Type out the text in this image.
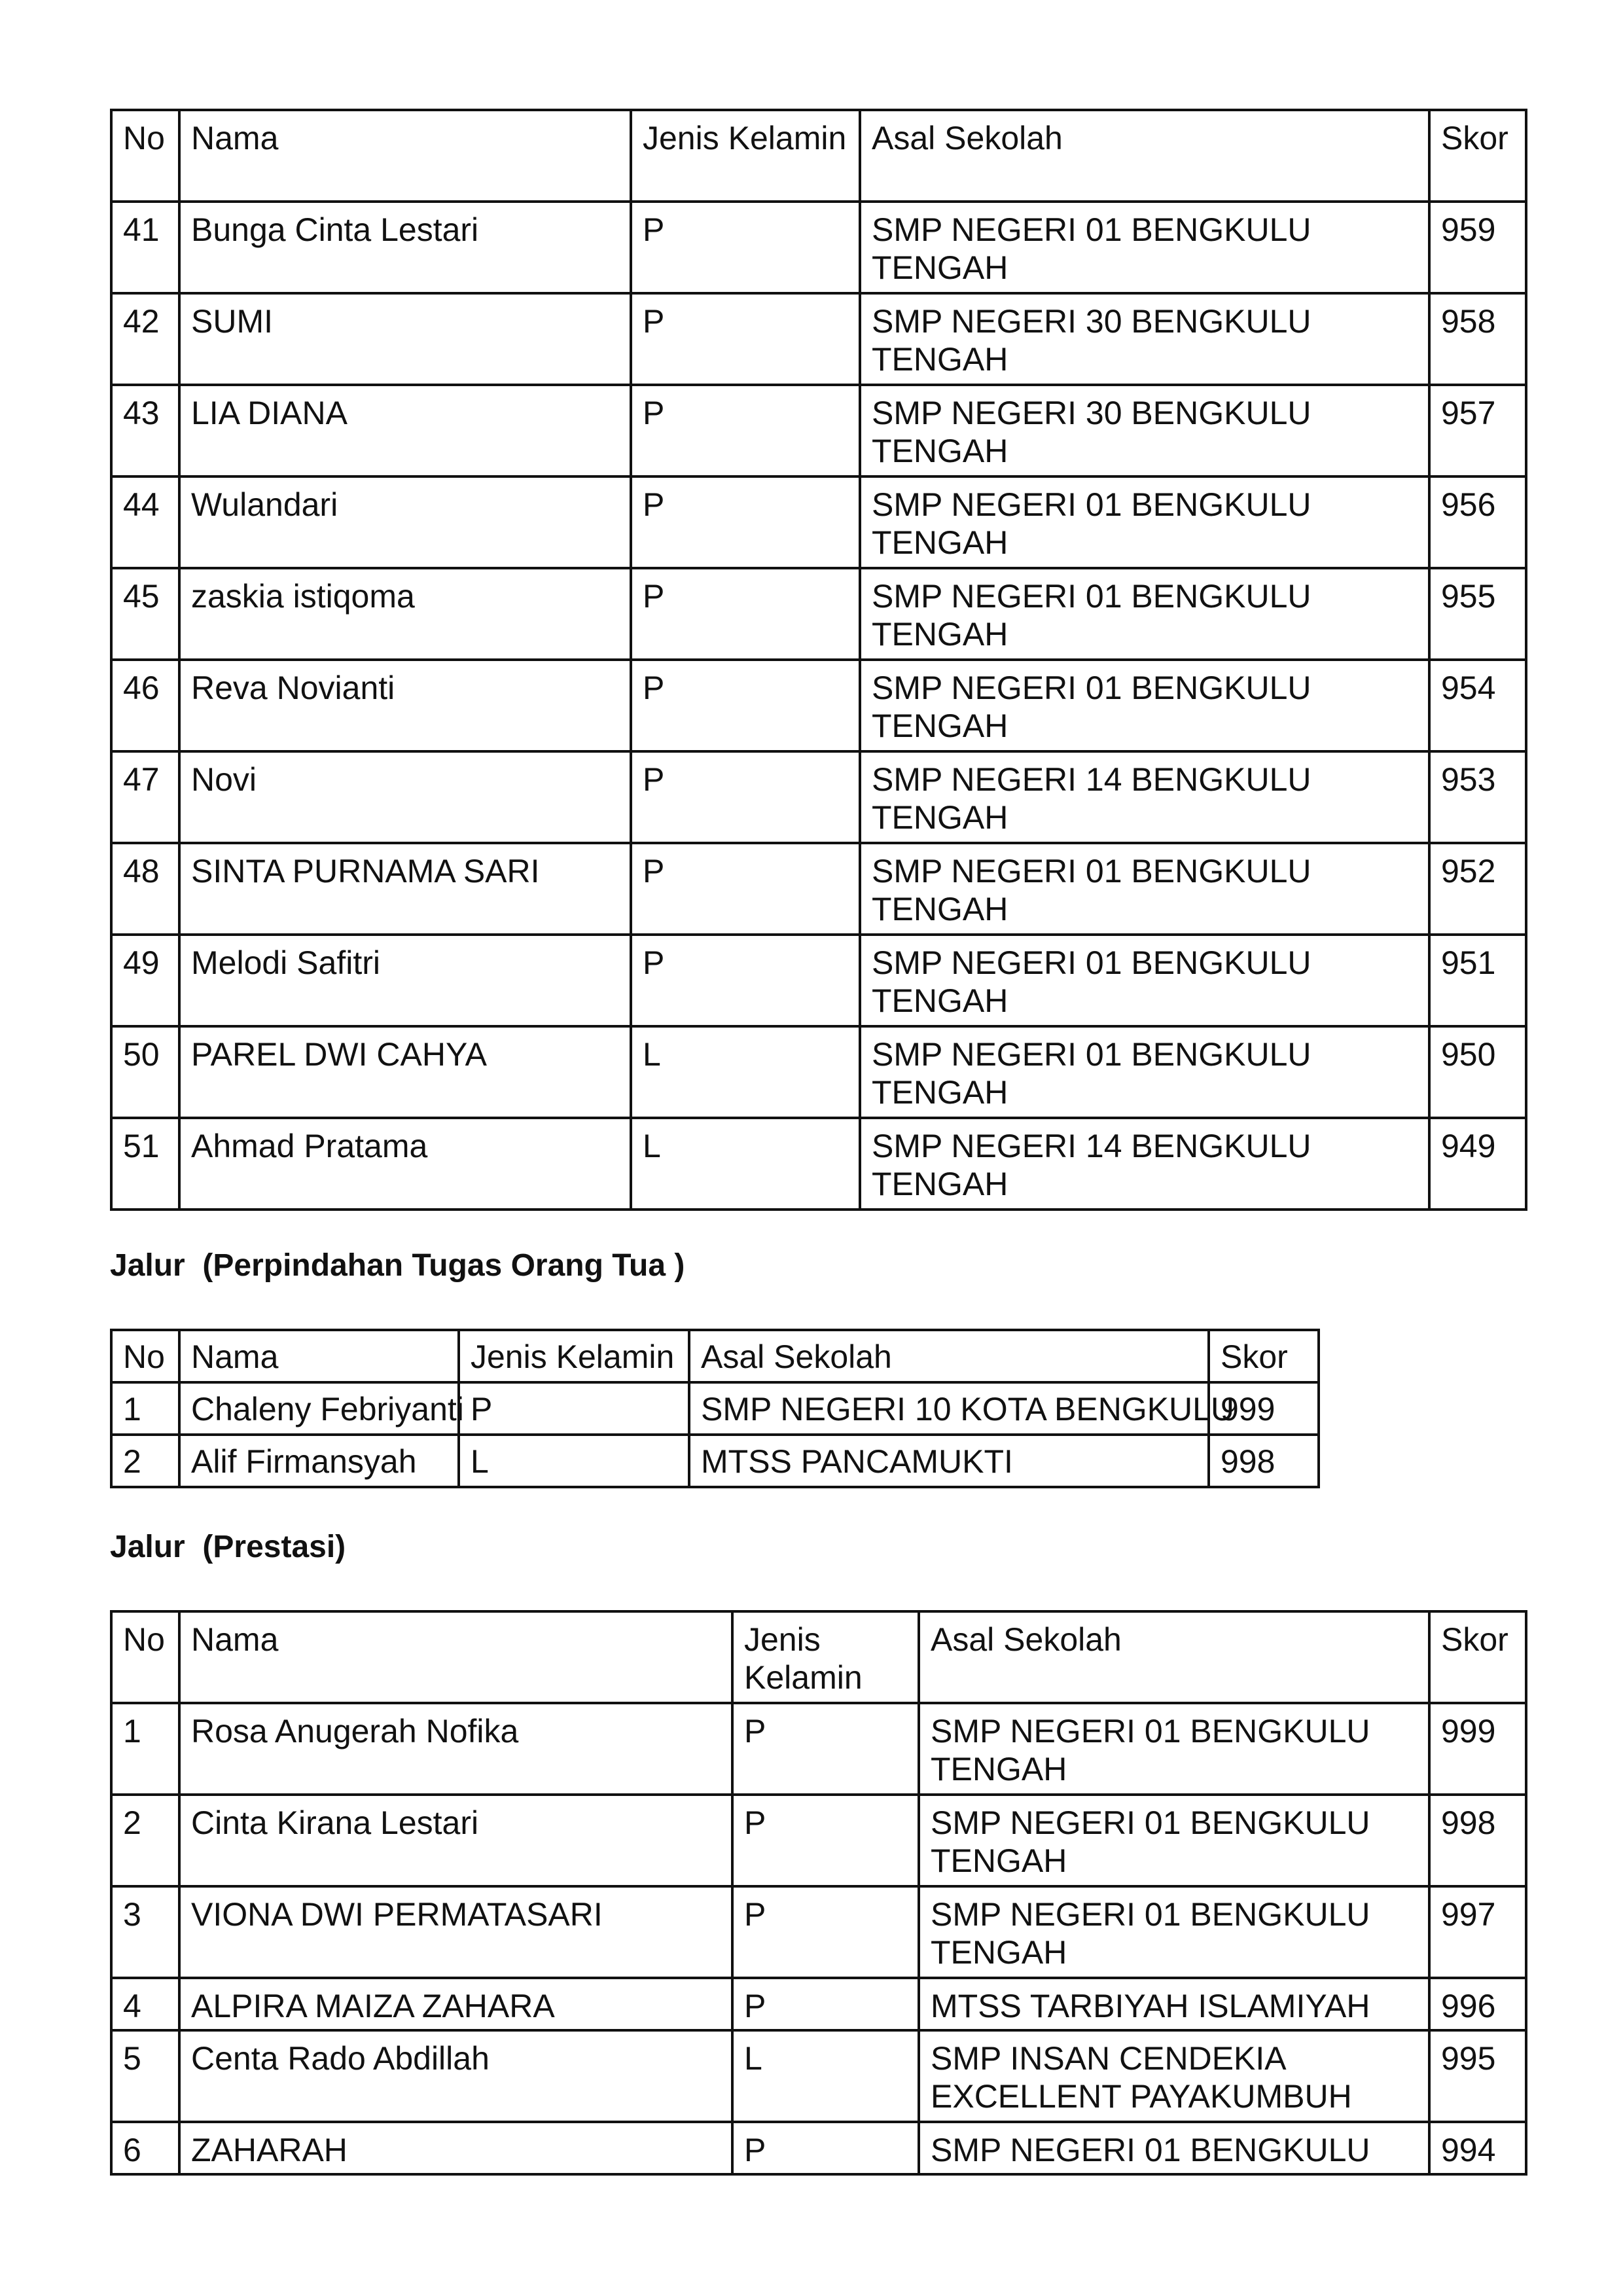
No	Nama	Jenis Kelamin	Asal Sekolah	Skor
41	Bunga Cinta Lestari	P	SMP NEGERI 01 BENGKULU TENGAH	959
42	SUMI	P	SMP NEGERI 30 BENGKULU TENGAH	958
43	LIA DIANA	P	SMP NEGERI 30 BENGKULU TENGAH	957
44	Wulandari	P	SMP NEGERI 01 BENGKULU TENGAH	956
45	zaskia istiqoma	P	SMP NEGERI 01 BENGKULU TENGAH	955
46	Reva Novianti	P	SMP NEGERI 01 BENGKULU TENGAH	954
47	Novi	P	SMP NEGERI 14 BENGKULU TENGAH	953
48	SINTA PURNAMA SARI	P	SMP NEGERI 01 BENGKULU TENGAH	952
49	Melodi Safitri	P	SMP NEGERI 01 BENGKULU TENGAH	951
50	PAREL DWI CAHYA	L	SMP NEGERI 01 BENGKULU TENGAH	950
51	Ahmad Pratama	L	SMP NEGERI 14 BENGKULU TENGAH	949

Jalur  (Perpindahan Tugas Orang Tua )

No	Nama	Jenis Kelamin	Asal Sekolah	Skor
1	Chaleny Febriyanti	P	SMP NEGERI 10 KOTA BENGKULU	999
2	Alif Firmansyah	L	MTSS PANCAMUKTI	998

Jalur  (Prestasi)

No	Nama	Jenis Kelamin	Asal Sekolah	Skor
1	Rosa Anugerah Nofika	P	SMP NEGERI 01 BENGKULU TENGAH	999
2	Cinta Kirana Lestari	P	SMP NEGERI 01 BENGKULU TENGAH	998
3	VIONA DWI PERMATASARI	P	SMP NEGERI 01 BENGKULU TENGAH	997
4	ALPIRA MAIZA ZAHARA	P	MTSS TARBIYAH ISLAMIYAH	996
5	Centa Rado Abdillah	L	SMP INSAN CENDEKIA EXCELLENT PAYAKUMBUH	995
6	ZAHARAH	P	SMP NEGERI 01 BENGKULU	994
